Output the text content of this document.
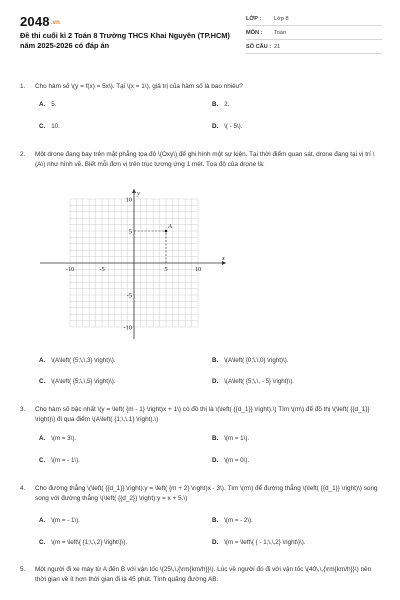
2048.vn
Đề thi cuối kì 2 Toán 8 Trường THCS Khai Nguyên (TP.HCM) năm 2025-2026 có đáp án
LỚP :	Lớp 8
MÔN :	Toán
SỐ CÂU : 21
1.	Cho hàm số \(y = f(x) = 5x\). Tại \(x = 1\), giá trị của hàm số là bao nhiêu?
A. 5.	B. 2.
C. 10.	D. \( - 5\).
2.	Một drone đang bay trên mặt phẳng tọa độ \(Oxy\) để ghi hình một sự kiện. Tại thời điểm quan sát, drone đang tại vị trí \(A\) như hình vẽ. Biết mỗi đơn vị trên trục tương ứng 1 mét. Tọa độ của drone là:
A. \(A\left( {5;\,\,3} \right)\).	B. \(A\left( {0;\,\,0} \right)\).
C. \(A\left( {5;\,\,5} \right)\).	D. \(A\left( {5;\,\, - 5} \right)\).
x
y
-10	-5	5	10
10
5
-5
-10
A
3.	Cho hàm số bậc nhất \(y = \left( {m - 1} \right)x + 1\) có đồ thị là \(\left( {{d_1}} \right).\) Tìm \(m\) để đồ thị \(\left( {{d_1}} \right)\) đi qua điểm \(A\left( {1;\,\,1} \right).\)
A. \(m = 3\).	B. \(m = 1\).
C. \(m = - 1\).	D. \(m = 0\).
4.	Cho đường thẳng \(\left( {{d_1}} \right):y = \left( {m + 2} \right)x - 3\). Tìm \(m\) để đường thẳng \(\left( {{d_1}} \right)\) song song với đường thẳng \(\left( {{d_2}} \right):y = x + 5.\)
A. \(m = - 1\).	B. \(m = - 2\).
C. \(m = \left\{ {1;\,\,2} \right\}\).	D. \(m = \left\{ { - 1;\,\,2} \right\}\).
5.	Một người đi xe máy từ A đến B với vận tốc \(25\,\,{\rm{km/h}}\). Lúc về người đó đi với vận tốc \(40\,\,{\rm{km/h}}\) nên thời gian về ít hơn thời gian đi là 45 phút. Tính quãng đường AB.
